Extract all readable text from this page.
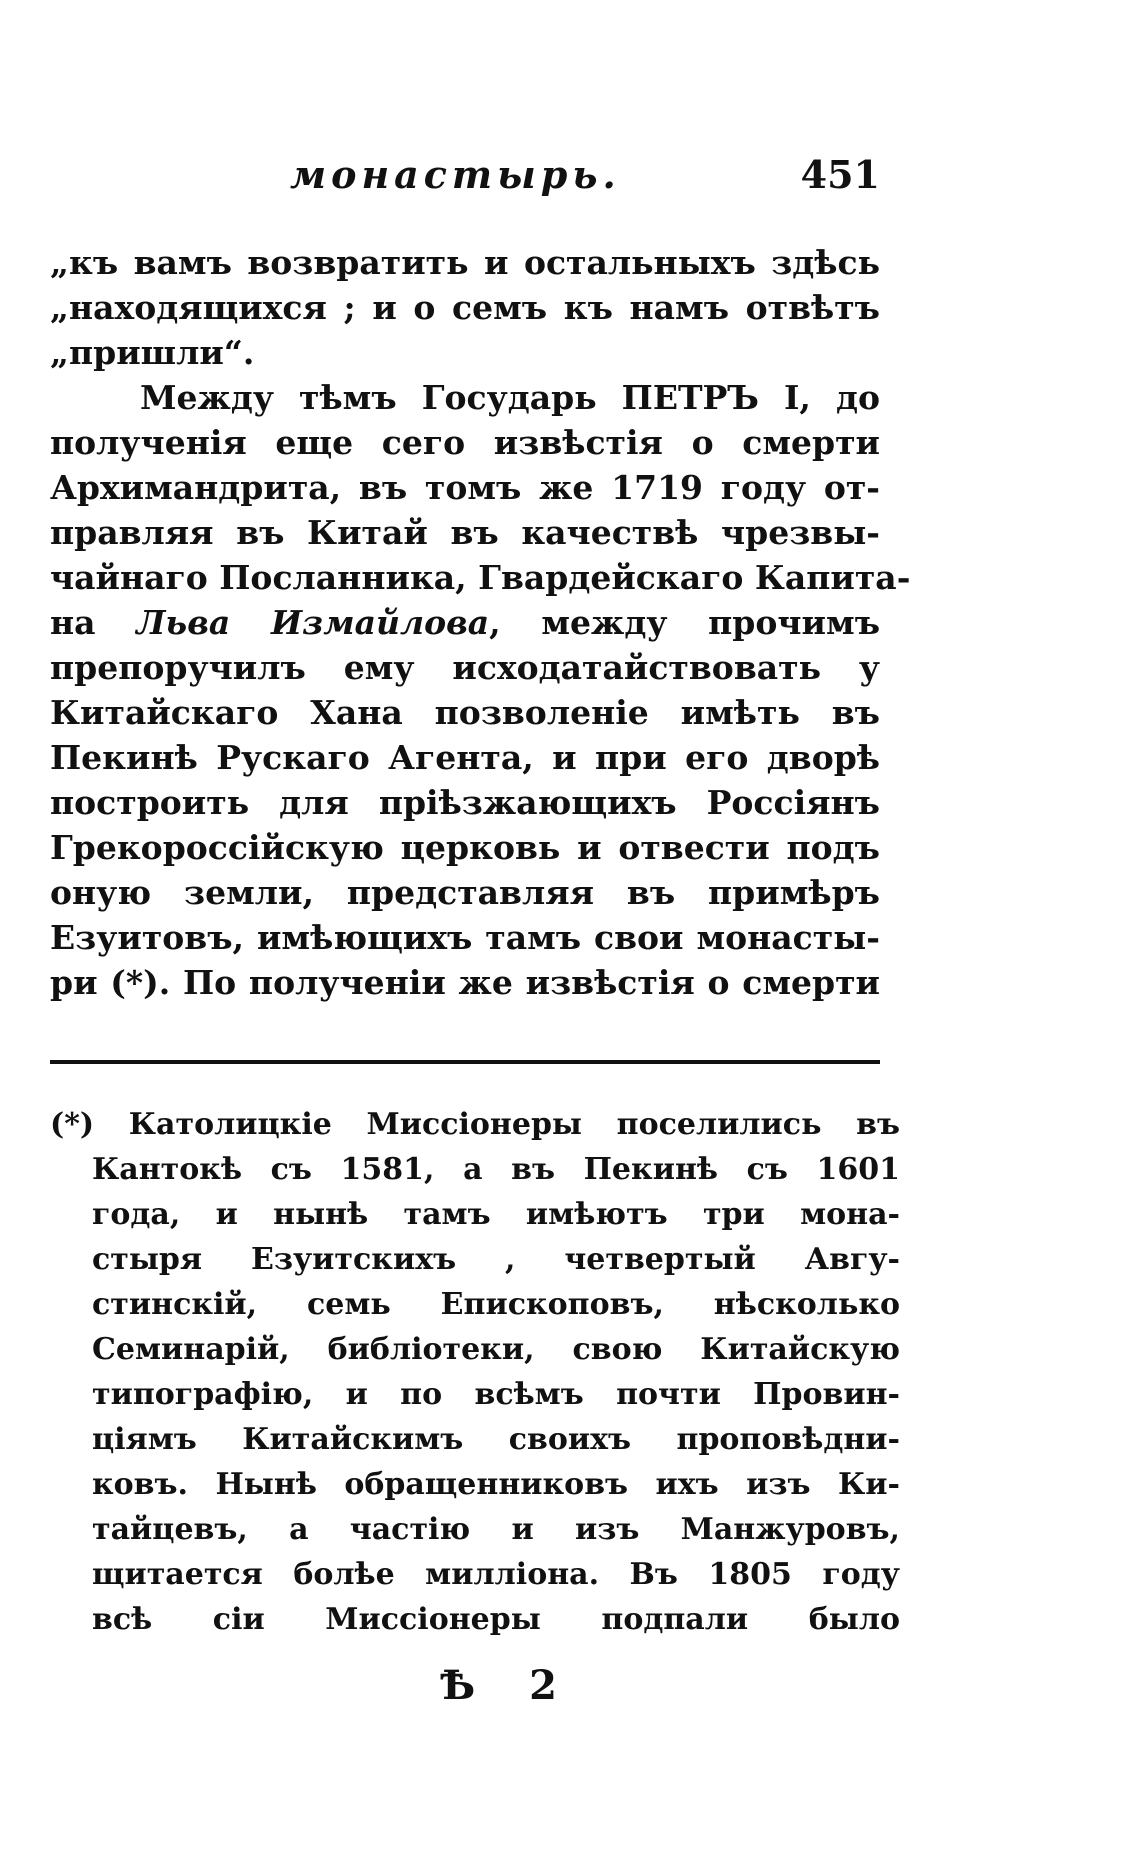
монастырь.	451
„къ вамъ возвратить и остальныхъ здѣсь
„находящихся ; и о семъ къ намъ отвѣтъ
„пришли“.
Между тѣмъ Государь ПЕТРЪ I, до
полученія еще сего извѣстія о смерти
Архимандрита, въ томъ же 1719 году от-
правляя въ Китай въ качествѣ чрезвы-
чайнаго Посланника, Гвардейскаго Капита-
на Льва Измайлова, между прочимъ
препоручилъ ему исходатайствовать у
Китайскаго Хана позволеніе имѣть въ
Пекинѣ Рускаго Агента, и при его дворѣ
построить для пріѣзжающихъ Россіянъ
Грекороссійскую церковь и отвести подъ
оную земли, представляя въ примѣръ
Езуитовъ, имѣющихъ тамъ свои монасты-
ри (*). По полученіи же извѣстія о смерти
(*) Католицкіе Миссіонеры поселились въ
Кантокѣ съ 1581, а въ Пекинѣ съ 1601
года, и нынѣ тамъ имѣютъ три мона-
стыря Езуитскихъ , четвертый Авгу-
стинскій, семь Епископовъ, нѣсколько
Семинарій, библіотеки, свою Китайскую
типографію, и по всѣмъ почти Провин-
ціямъ Китайскимъ своихъ проповѣдни-
ковъ. Нынѣ обращенниковъ ихъ изъ Ки-
тайцевъ, а частію и изъ Манжуровъ,
щитается болѣе милліона. Въ 1805 году
всѣ сіи Миссіонеры подпали было
Ѣ 2
